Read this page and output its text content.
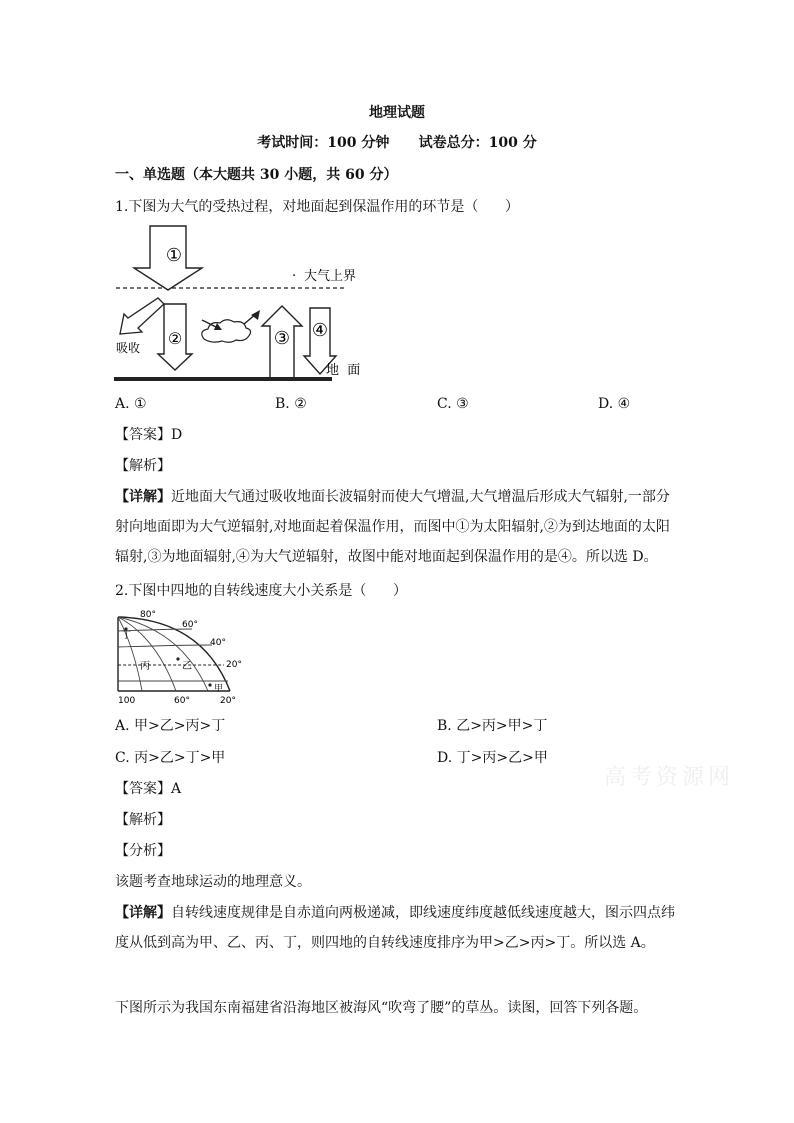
地理试题
考试时间：100 分钟      试卷总分：100 分
一、单选题（本大题共 30 小题，共 60 分）
1.下图为大气的受热过程，对地面起到保温作用的环节是（      ）
①
②
吸收	③ ④
地  面
大气上界
·
A. ①	B. ②	C. ③	D. ④
【答案】D
【解析】
【详解】近地面大气通过吸收地面长波辐射而使大气增温,大气增温后形成大气辐射,一部分射向地面即为大气逆辐射,对地面起着保温作用，而图中①为太阳辐射,②为到达地面的太阳辐射,③为地面辐射,④为大气逆辐射，故图中能对地面起到保温作用的是④。所以选 D。
2.下图中四地的自转线速度大小关系是（      ）
80°
60°
40°
20°
100	60°	20°
丁
丙	乙
甲
A. 甲>乙>丙>丁	B. 乙>丙>甲>丁
C. 丙>乙>丁>甲	D. 丁>丙>乙>甲
高考资源网
【答案】A
【解析】
【分析】
该题考查地球运动的地理意义。
【详解】自转线速度规律是自赤道向两极递减，即线速度纬度越低线速度越大，图示四点纬度从低到高为甲、乙、丙、丁，则四地的自转线速度排序为甲>乙>丙>丁。所以选 A。
下图所示为我国东南福建省沿海地区被海风“吹弯了腰”的草丛。读图，回答下列各题。
